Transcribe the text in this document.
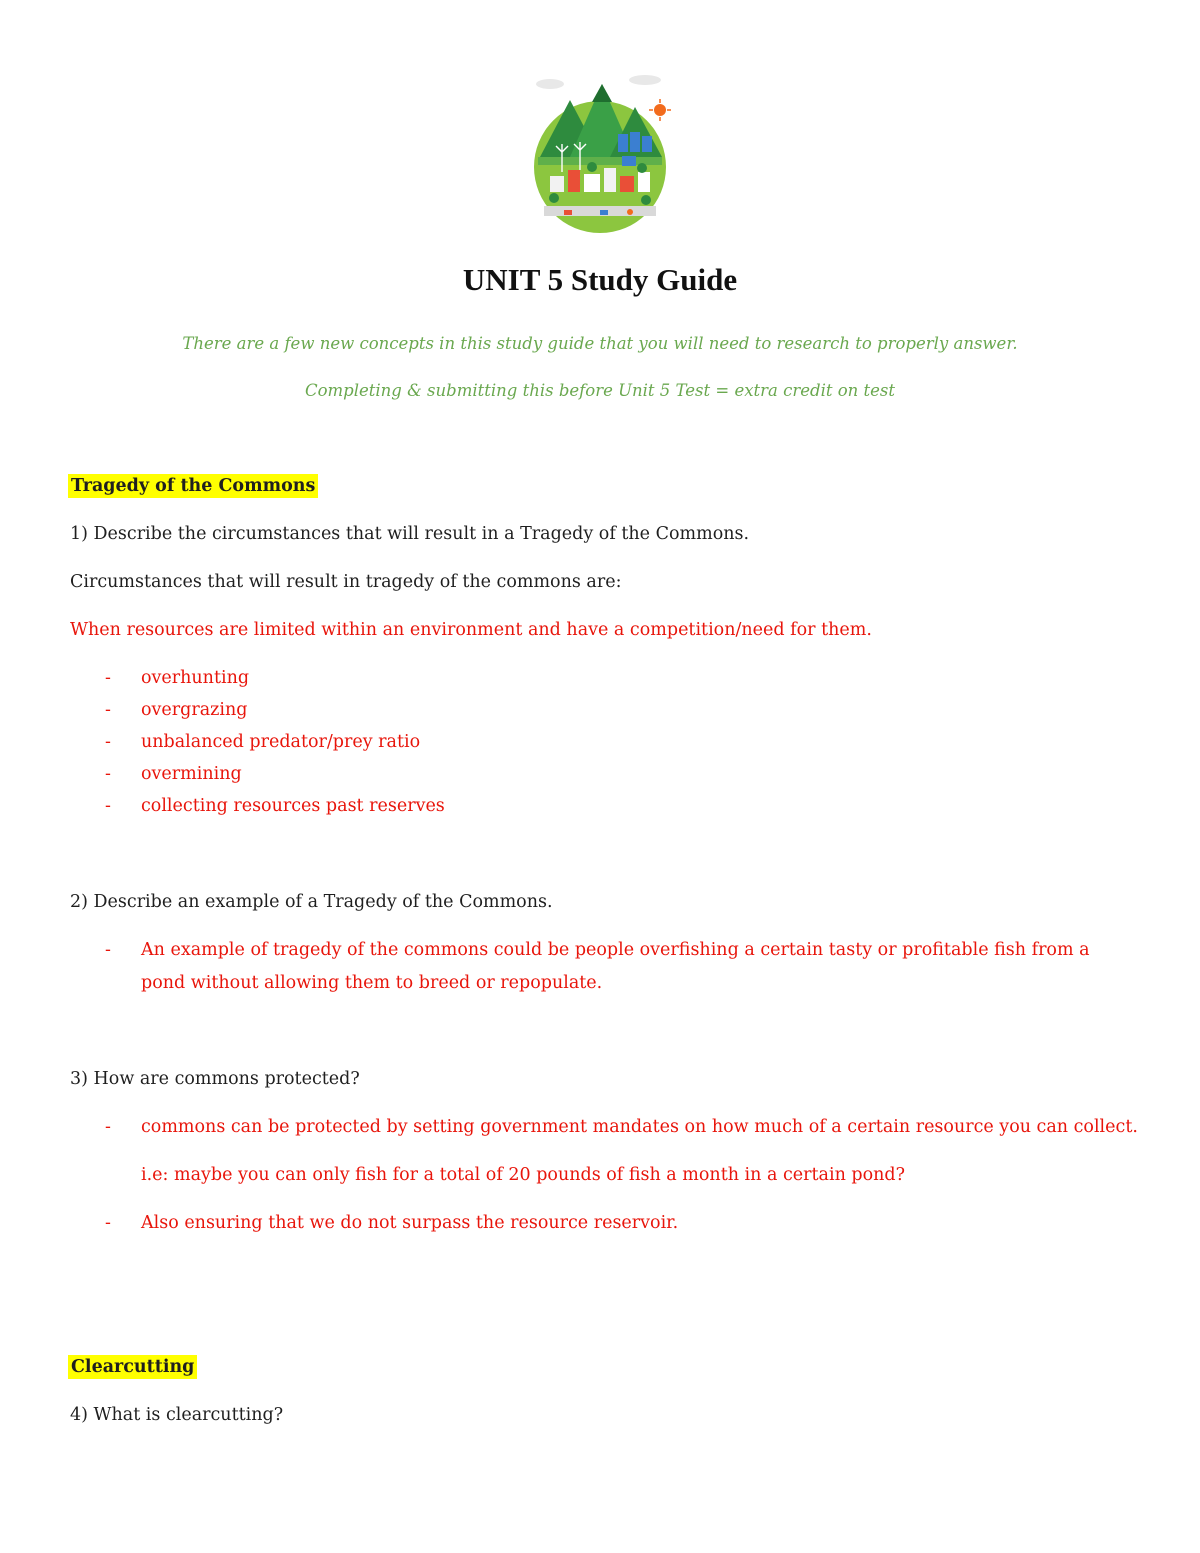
UNIT 5 Study Guide
There are a few new concepts in this study guide that you will need to research to properly answer.
Completing & submitting this before Unit 5 Test = extra credit on test
Tragedy of the Commons
1) Describe the circumstances that will result in a Tragedy of the Commons.
Circumstances that will result in tragedy of the commons are:
When resources are limited within an environment and have a competition/need for them.
- overhunting
- overgrazing
- unbalanced predator/prey ratio
- overmining
- collecting resources past reserves
2) Describe an example of a Tragedy of the Commons.
- An example of tragedy of the commons could be people overfishing a certain tasty or profitable fish from a pond without allowing them to breed or repopulate.
3) How are commons protected?
- commons can be protected by setting government mandates on how much of a certain resource you can collect.
i.e: maybe you can only fish for a total of 20 pounds of fish a month in a certain pond?
- Also ensuring that we do not surpass the resource reservoir.
Clearcutting
4) What is clearcutting?
